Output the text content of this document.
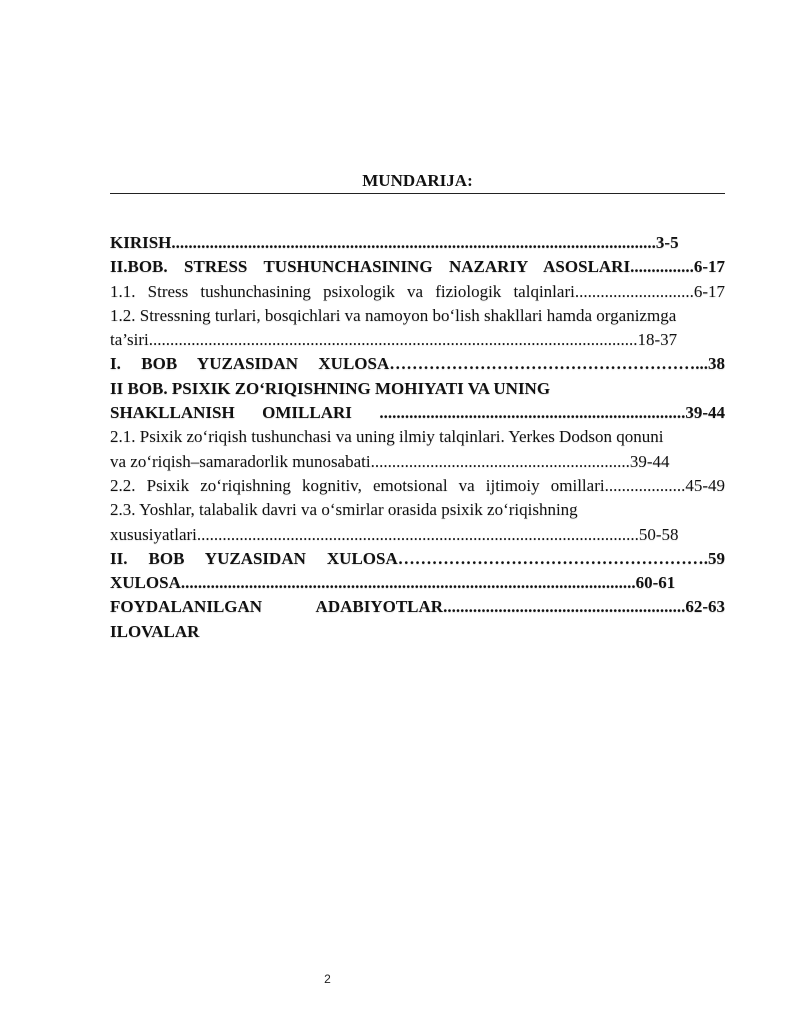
MUNDARIJA:
KIRISH..................................................................................................................3-5
II.BOB. STRESS TUSHUNCHASINING NAZARIY ASOSLARI...............6-17
1.1. Stress tushunchasining psixologik va fiziologik talqinlari............................6-17
1.2. Stressning turlari, bosqichlari va namoyon bo‘lish shakllari hamda organizmga
ta’siri...................................................................................................................18-37
I. BOB YUZASIDAN XULOSA………………………………………………...38
II BOB. PSIXIK ZO‘RIQISHNING MOHIYATI VA UNING
SHAKLLANISH OMILLARI ........................................................................39-44
2.1. Psixik zo‘riqish tushunchasi va uning ilmiy talqinlari. Yerkes Dodson qonuni
va zo‘riqish–samaradorlik munosabati.............................................................39-44
2.2. Psixik zo‘riqishning kognitiv, emotsional va ijtimoiy omillari...................45-49
2.3. Yoshlar, talabalik davri va o‘smirlar orasida psixik zo‘riqishning
xususiyatlari........................................................................................................50-58
II. BOB YUZASIDAN XULOSA……………………………………………….59
XULOSA...........................................................................................................60-61
FOYDALANILGAN ADABIYOTLAR.........................................................62-63
ILOVALAR
2
